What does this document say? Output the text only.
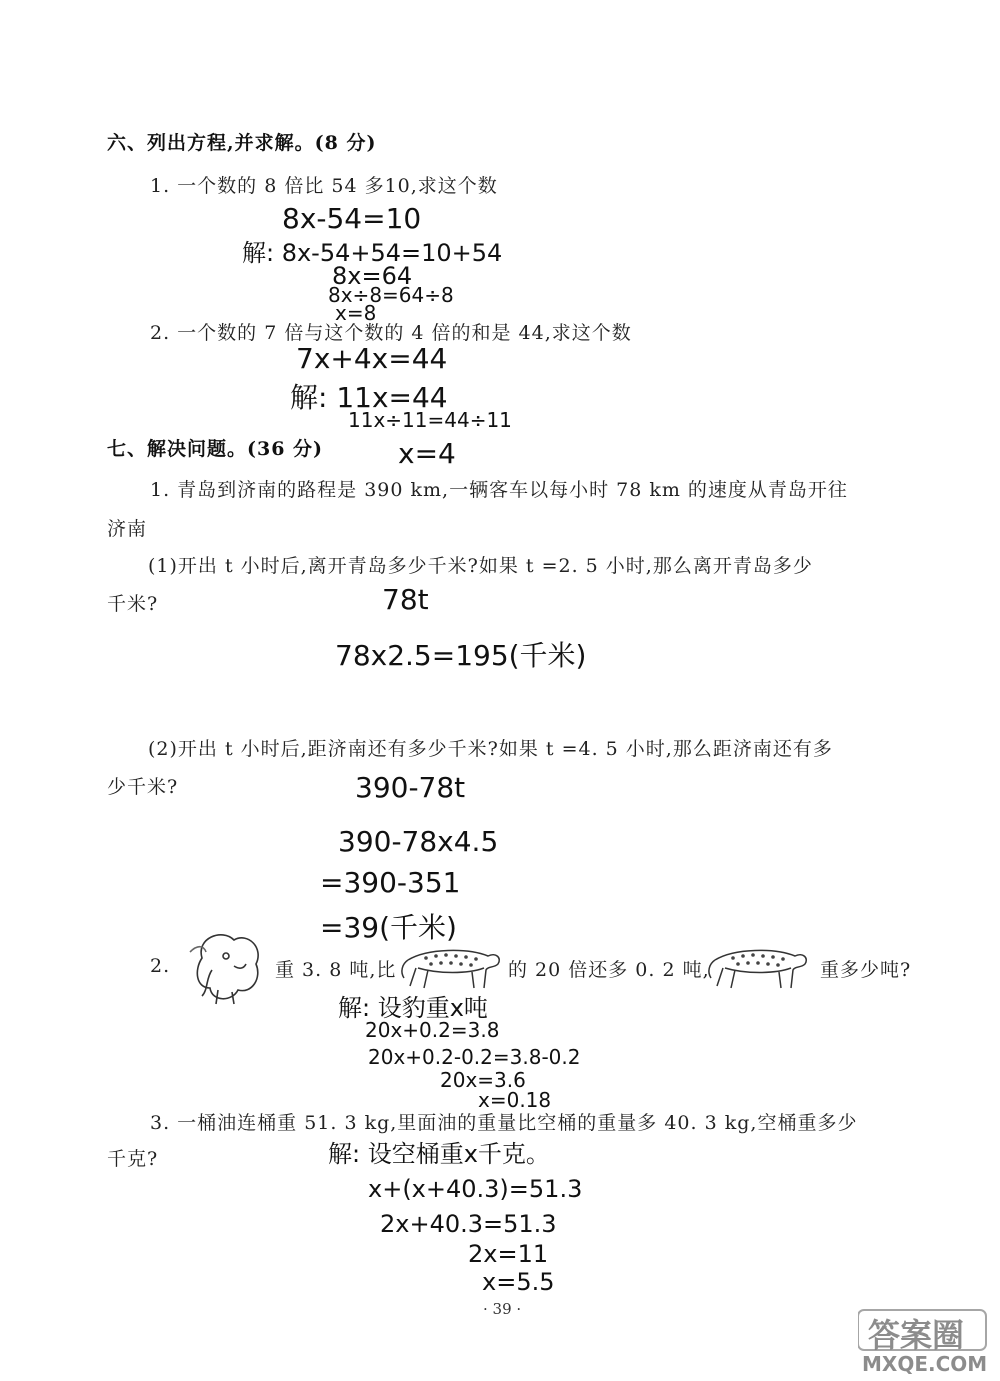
六、列出方程,并求解。(8 分)
1. 一个数的 8 倍比 54 多10,求这个数
8x-54=10
解: 8x-54+54=10+54
8x=64
8x÷8=64÷8
x=8
2. 一个数的 7 倍与这个数的 4 倍的和是 44,求这个数
7x+4x=44
解: 11x=44
11x÷11=44÷11
七、解决问题。(36 分)	x=4
1. 青岛到济南的路程是 390 km,一辆客车以每小时 78 km 的速度从青岛开往
济南
(1)开出 t 小时后,离开青岛多少千米?如果 t =2. 5 小时,那么离开青岛多少
千米?	78t
78x2.5=195(千米)
(2)开出 t 小时后,距济南还有多少千米?如果 t =4. 5 小时,那么距济南还有多
少千米?	390-78t
390-78x4.5
=390-351
=39(千米)
2.	重 3. 8 吨,比	的 20 倍还多 0. 2 吨,	重多少吨?
解: 设豹重x吨
20x+0.2=3.8
20x+0.2-0.2=3.8-0.2
20x=3.6
x=0.18
3. 一桶油连桶重 51. 3 kg,里面油的重量比空桶的重量多 40. 3 kg,空桶重多少
千克?	解: 设空桶重x千克。
x+(x+40.3)=51.3
2x+40.3=51.3
2x=11
x=5.5
· 39 ·
答案圈
MXQE.COM
